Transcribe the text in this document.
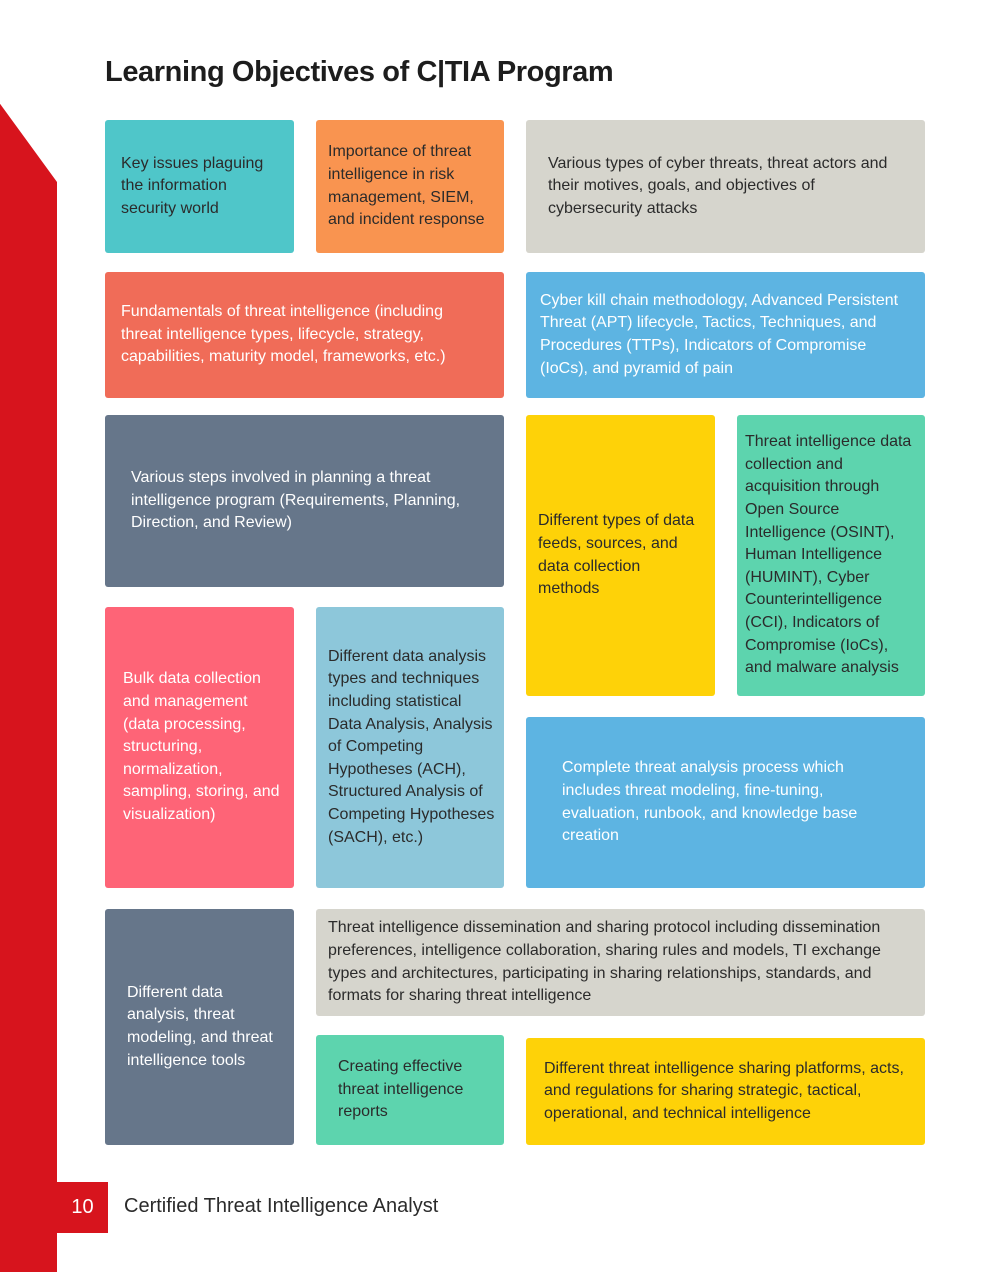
Learning Objectives of C|TIA Program
Key issues plaguing the information security world
Importance of threat intelligence in risk management, SIEM, and incident response
Various types of cyber threats, threat actors and their motives, goals, and objectives of cybersecurity attacks
Fundamentals of threat intelligence (including threat intelligence types, lifecycle, strategy, capabilities, maturity model, frameworks, etc.)
Cyber kill chain methodology, Advanced Persistent Threat (APT) lifecycle, Tactics, Techniques, and Procedures (TTPs), Indicators of Compromise (IoCs), and pyramid of pain
Various steps involved in planning a threat intelligence program (Requirements, Planning, Direction, and Review)	Different types of data feeds, sources, and data collection methods
Threat intelligence data collection and acquisition through Open Source Intelligence (OSINT), Human Intelligence (HUMINT), Cyber Counterintelligence (CCI), Indicators of Compromise (IoCs), and malware analysis
Bulk data collection and management (data processing, structuring, normalization, sampling, storing, and visualization)
Different data analysis types and techniques including statistical Data Analysis, Analysis of Competing Hypotheses (ACH), Structured Analysis of Competing Hypotheses (SACH), etc.)
Complete threat analysis process which includes threat modeling, fine-tuning, evaluation, runbook, and knowledge base creation
Different data analysis, threat modeling, and threat intelligence tools
Threat intelligence dissemination and sharing protocol including dissemination preferences, intelligence collaboration, sharing rules and models, TI exchange types and architectures, participating in sharing relationships, standards, and formats for sharing threat intelligence
Creating effective threat intelligence reports
Different threat intelligence sharing platforms, acts, and regulations for sharing strategic, tactical, operational, and technical intelligence
10	Certified Threat Intelligence Analyst
